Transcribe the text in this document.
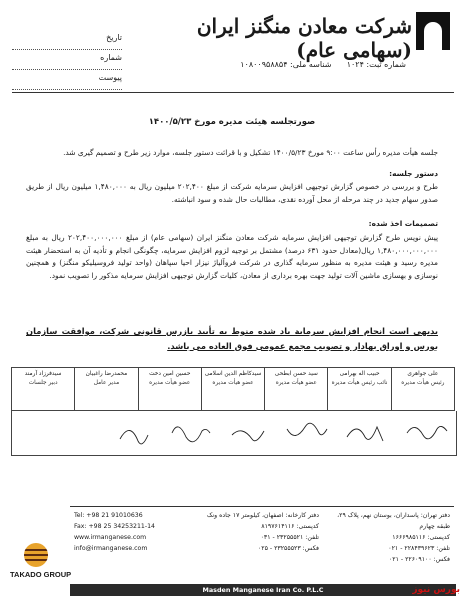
شرکت معادن منگنز ایران (سهامی عام)
شماره ثبت: ۱۰۲۴      شناسه ملی: ۱۰۸۰۰۹۵۸۸۵۴
تاریخ
شماره
پیوست
صورتجلسه هیئت مدیره مورخ ۱۴۰۰/۵/۲۳
جلسه هیأت مدیره رأس ساعت ۹:۰۰ مورخ ۱۴۰۰/۵/۲۳ تشکیل و با قرائت دستور جلسه، موارد زیر طرح و تصمیم گیری شد.
دستور جلسه:
طرح و بررسی در خصوص گزارش توجیهی افزایش سرمایه شرکت از مبلغ ۲۰۲,۴۰۰ میلیون ریال به ۱,۴۸۰,۰۰۰ میلیون ریال از طریق صدور سهام جدید در چند مرحله از محل آورده نقدی، مطالبات حال شده و سود انباشته.
تصمیمات اخذ شده:
پیش نویس طرح گزارش توجیهی افزایش سرمایه شرکت معادن منگنز ایران (سهامی عام) از مبلغ ۲۰۲,۴۰۰,۰۰۰,۰۰۰ ریال به مبلغ ۱,۴۸۰,۰۰۰,۰۰۰,۰۰۰ ریال(معادل حدود ۶۳۱ درصد) مشتمل بر توجیه لزوم افزایش سرمایه، چگونگی انجام و تأدیه آن به استحضار هیئت مدیره رسید و هیئت مدیره به منظور سرمایه گذاری در شرکت فروآلیاژ نیزار احیا سپاهان (واحد تولید فروسیلیکو منگنز) و همچنین نوسازی و بهسازی ماشین آلات تولید جهت بهره برداری از معادن، کلیات گزارش توجیهی افزایش سرمایه مذکور را تصویب نمود.
بدیهی است انجام افزایش سرمایة یاد شده منوط به تأیید بازرس قانونی شرکت، موافقت سازمان بورس و اوراق بهادار و تصویب مجمع عمومی فوق العاده می باشد.
علی جواهری
رئیس هیأت مدیره
	حبیب اله بهرامی
نائب رئیس هیأت مدیره
	سید حسن ابطحی
عضو هیأت مدیره
	سیدکاظم الدین اسلامی
عضو هیأت مدیره
	حسین امین دخت
عضو هیأت مدیره
	محمدرضا راغبیان
مدیر عامل
	سیدفرزاد آرمند
دبیر جلسات
دفتر تهران: پاسداران، بوستان نهم، پلاک ۲۹، طبقه چهارم
کدپستی: ۱۶۶۶۹۸۵۱۱۶
تلفن: ۲۲۸۴۳۹۶۲۳ - ۰۲۱
فکس: ۲۲۶۰۹۱۰۰ - ۰۲۱
دفتر کارخانه: اصفهان، کیلومتر ۱۷ جاده ونک
کدپستی: ۸۱۹۷۶۱۴۱۱۶
تلفن: ۲۳۲۵۵۵۲۱ - ۰۳۱
فکس: ۲۳۲۵۵۵۲۳ - ۰۲۵
Tel: +98 21 91010636
Fax: +98 25 34253211-14
www.irmanganese.com
info@irmanganese.com
TAKADO GROUP
Masden Manganese Iran Co. P.L.C	بورس نیوز
